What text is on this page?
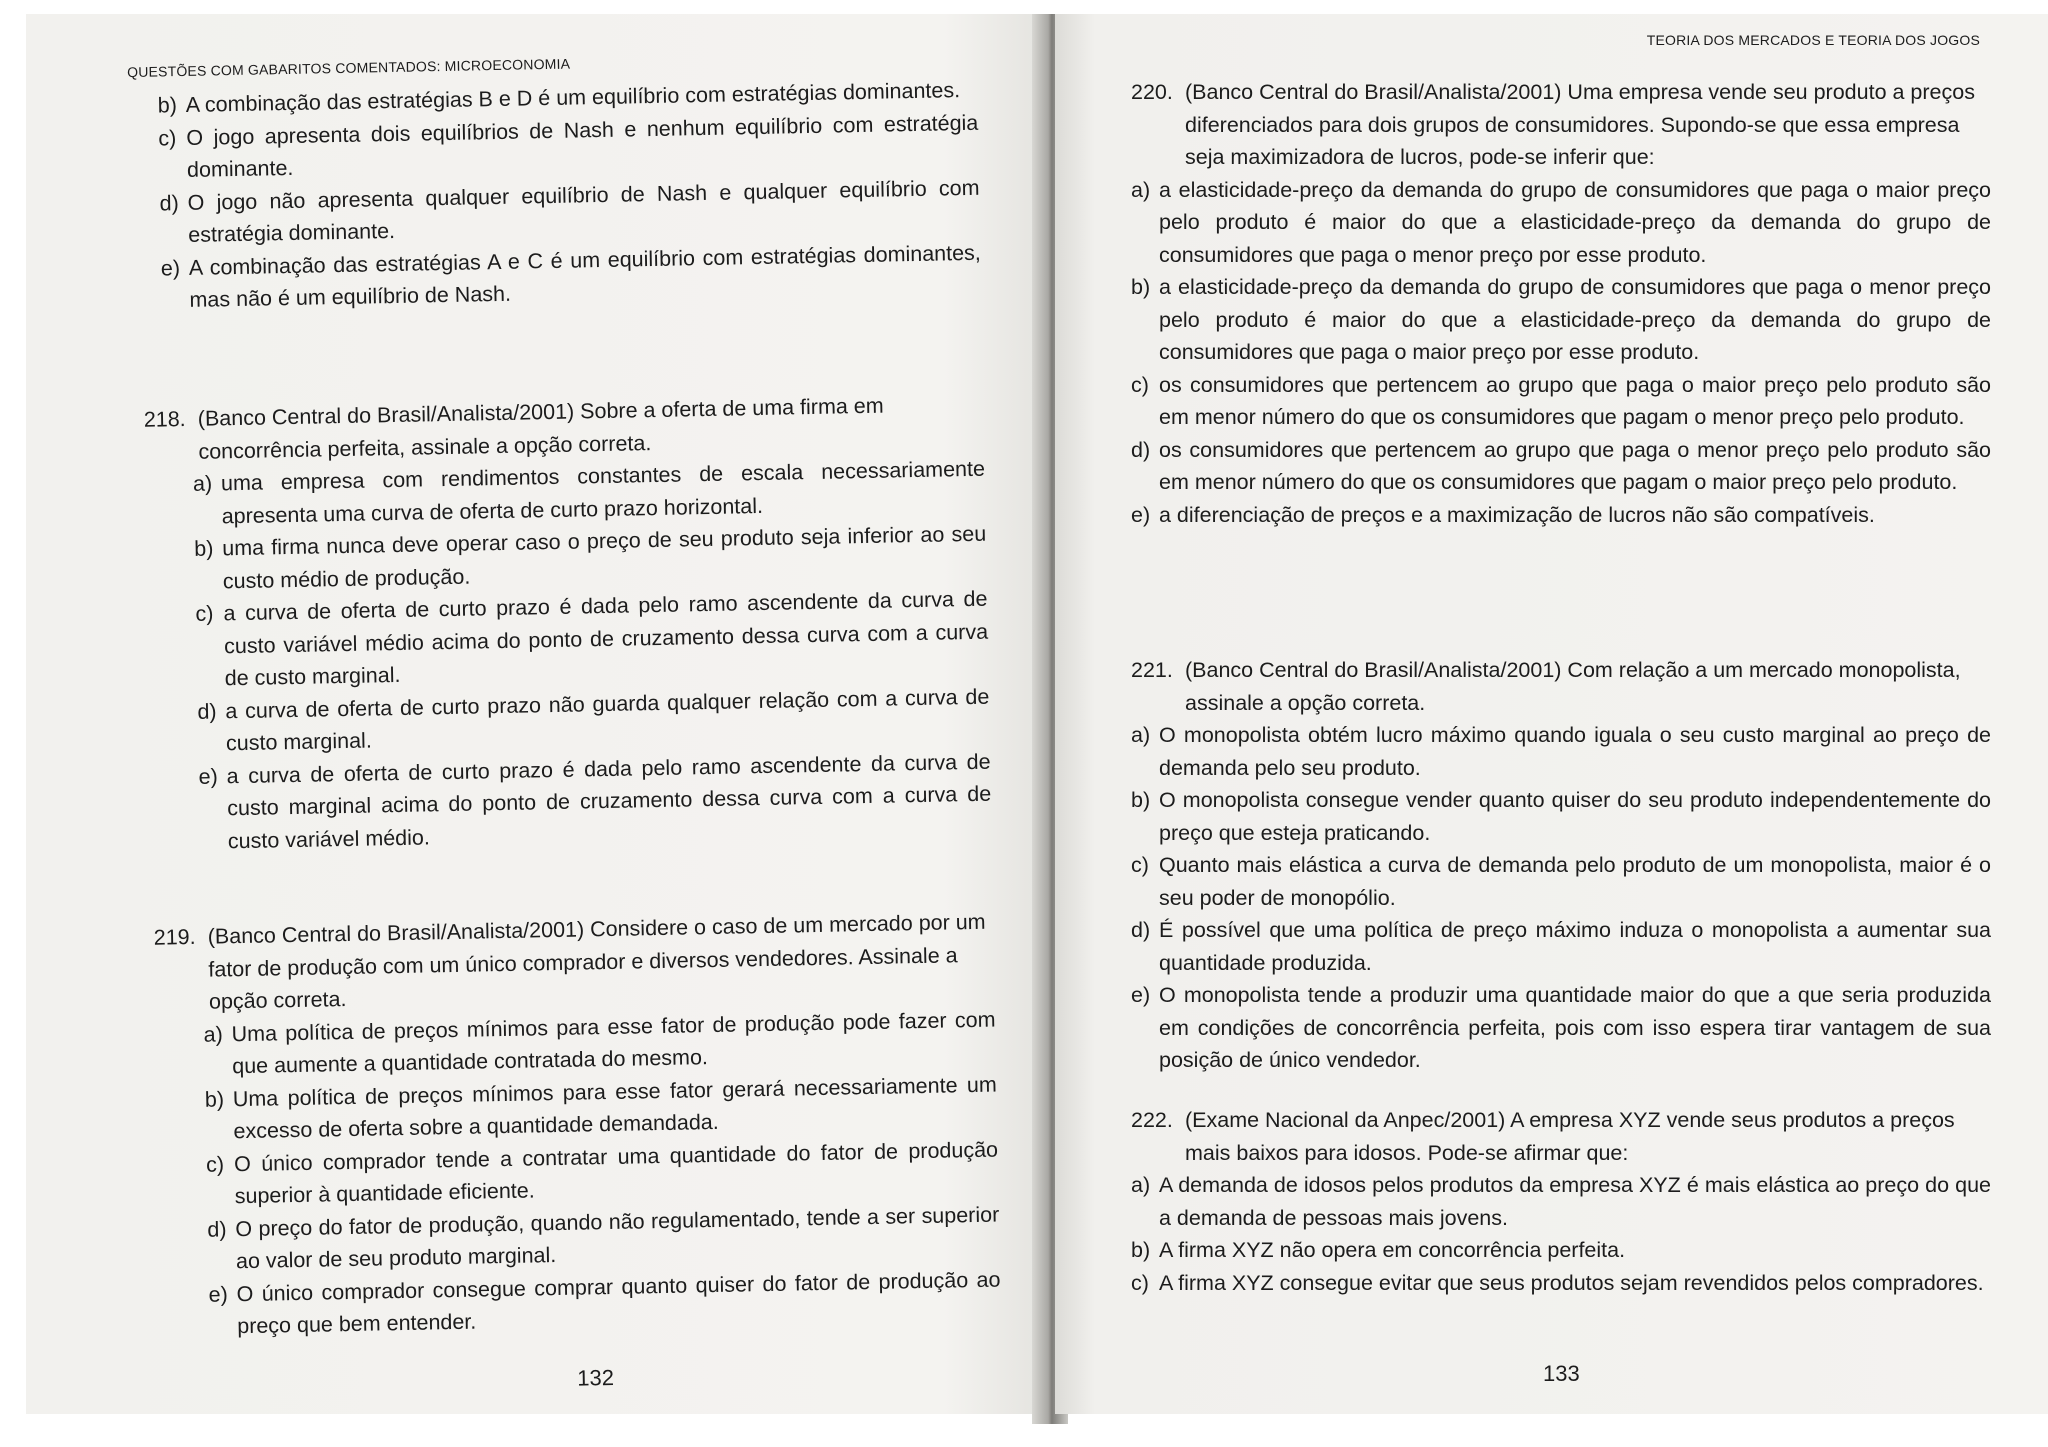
QUESTÕES COM GABARITOS COMENTADOS: MICROECONOMIA
b) A combinação das estratégias B e D é um equilíbrio com estratégias dominantes.
c) O jogo apresenta dois equilíbrios de Nash e nenhum equilíbrio com estratégia dominante.
d) O jogo não apresenta qualquer equilíbrio de Nash e qualquer equilíbrio com estratégia dominante.
e) A combinação das estratégias A e C é um equilíbrio com estratégias dominantes, mas não é um equilíbrio de Nash.
218. (Banco Central do Brasil/Analista/2001) Sobre a oferta de uma firma em concorrência perfeita, assinale a opção correta.
a) uma empresa com rendimentos constantes de escala necessariamente apresenta uma curva de oferta de curto prazo horizontal.
b) uma firma nunca deve operar caso o preço de seu produto seja inferior ao seu custo médio de produção.
c) a curva de oferta de curto prazo é dada pelo ramo ascendente da curva de custo variável médio acima do ponto de cruzamento dessa curva com a curva de custo marginal.
d) a curva de oferta de curto prazo não guarda qualquer relação com a curva de custo marginal.
e) a curva de oferta de curto prazo é dada pelo ramo ascendente da curva de custo marginal acima do ponto de cruzamento dessa curva com a curva de custo variável médio.
219. (Banco Central do Brasil/Analista/2001) Considere o caso de um mercado por um fator de produção com um único comprador e diversos vendedores. Assinale a opção correta.
a) Uma política de preços mínimos para esse fator de produção pode fazer com que aumente a quantidade contratada do mesmo.
b) Uma política de preços mínimos para esse fator gerará necessariamente um excesso de oferta sobre a quantidade demandada.
c) O único comprador tende a contratar uma quantidade do fator de produção superior à quantidade eficiente.
d) O preço do fator de produção, quando não regulamentado, tende a ser superior ao valor de seu produto marginal.
e) O único comprador consegue comprar quanto quiser do fator de produção ao preço que bem entender.
132
TEORIA DOS MERCADOS E TEORIA DOS JOGOS
220. (Banco Central do Brasil/Analista/2001) Uma empresa vende seu produto a preços diferenciados para dois grupos de consumidores. Supondo-se que essa empresa seja maximizadora de lucros, pode-se inferir que:
a) a elasticidade-preço da demanda do grupo de consumidores que paga o maior preço pelo produto é maior do que a elasticidade-preço da demanda do grupo de consumidores que paga o menor preço por esse produto.
b) a elasticidade-preço da demanda do grupo de consumidores que paga o menor preço pelo produto é maior do que a elasticidade-preço da demanda do grupo de consumidores que paga o maior preço por esse produto.
c) os consumidores que pertencem ao grupo que paga o maior preço pelo produto são em menor número do que os consumidores que pagam o menor preço pelo produto.
d) os consumidores que pertencem ao grupo que paga o menor preço pelo produto são em menor número do que os consumidores que pagam o maior preço pelo produto.
e) a diferenciação de preços e a maximização de lucros não são compatíveis.
221. (Banco Central do Brasil/Analista/2001) Com relação a um mercado monopolista, assinale a opção correta.
a) O monopolista obtém lucro máximo quando iguala o seu custo marginal ao preço de demanda pelo seu produto.
b) O monopolista consegue vender quanto quiser do seu produto independentemente do preço que esteja praticando.
c) Quanto mais elástica a curva de demanda pelo produto de um monopolista, maior é o seu poder de monopólio.
d) É possível que uma política de preço máximo induza o monopolista a aumentar sua quantidade produzida.
e) O monopolista tende a produzir uma quantidade maior do que a que seria produzida em condições de concorrência perfeita, pois com isso espera tirar vantagem de sua posição de único vendedor.
222. (Exame Nacional da Anpec/2001) A empresa XYZ vende seus produtos a preços mais baixos para idosos. Pode-se afirmar que:
a) A demanda de idosos pelos produtos da empresa XYZ é mais elástica ao preço do que a demanda de pessoas mais jovens.
b) A firma XYZ não opera em concorrência perfeita.
c) A firma XYZ consegue evitar que seus produtos sejam revendidos pelos compradores.
133
